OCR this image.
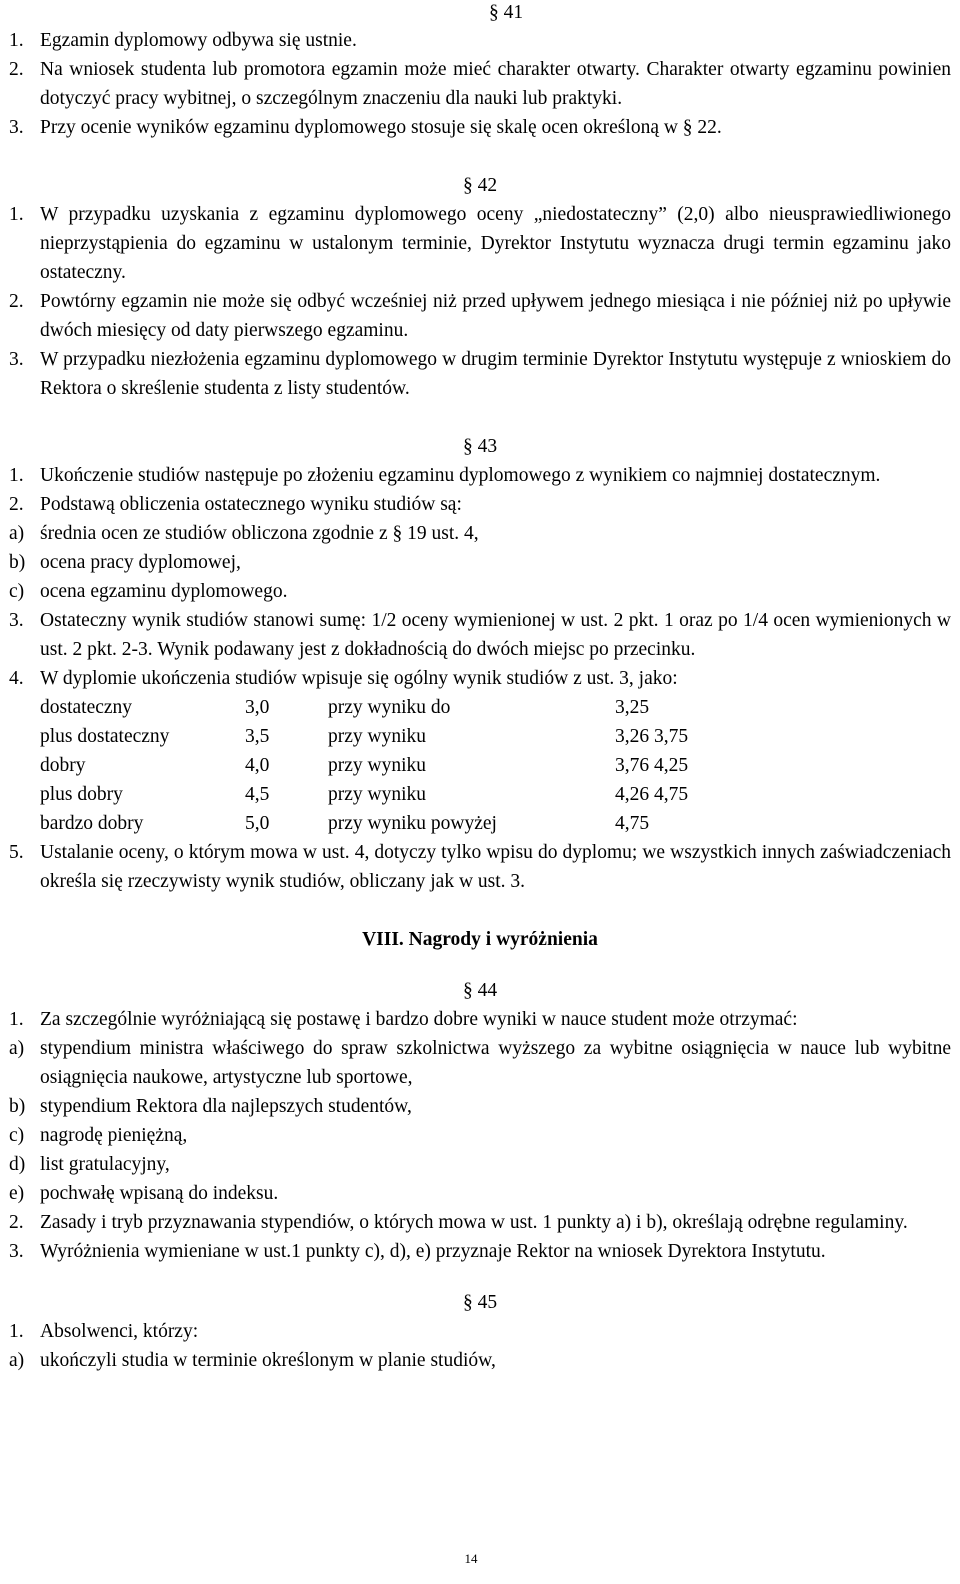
§ 41
1. Egzamin dyplomowy odbywa się ustnie.
2. Na wniosek studenta lub promotora egzamin może mieć charakter otwarty. Charakter otwarty egzaminu powinien dotyczyć pracy wybitnej, o szczególnym znaczeniu dla nauki lub praktyki.
3. Przy ocenie wyników egzaminu dyplomowego stosuje się skalę ocen określoną w § 22.
§ 42
1. W przypadku uzyskania z egzaminu dyplomowego oceny „niedostateczny” (2,0) albo nieusprawiedliwionego nieprzystąpienia do egzaminu w ustalonym terminie, Dyrektor Instytutu wyznacza drugi termin egzaminu jako ostateczny.
2. Powtórny egzamin nie może się odbyć wcześniej niż przed upływem jednego miesiąca i nie później niż po upływie dwóch miesięcy od daty pierwszego egzaminu.
3. W przypadku niezłożenia egzaminu dyplomowego w drugim terminie Dyrektor Instytutu występuje z wnioskiem do Rektora o skreślenie studenta z listy studentów.
§ 43
1. Ukończenie studiów następuje po złożeniu egzaminu dyplomowego z wynikiem co najmniej dostatecznym.
2. Podstawą obliczenia ostatecznego wyniku studiów są:
a) średnia ocen ze studiów obliczona zgodnie z § 19 ust. 4,
b) ocena pracy dyplomowej,
c) ocena egzaminu dyplomowego.
3. Ostateczny wynik studiów stanowi sumę: 1/2 oceny wymienionej w ust. 2 pkt. 1 oraz po 1/4 ocen wymienionych w ust. 2 pkt. 2-3. Wynik podawany jest z dokładnością do dwóch miejsc po przecinku.
4. W dyplomie ukończenia studiów wpisuje się ogólny wynik studiów z ust. 3, jako:
dostateczny	3,0	przy wyniku do	3,25
plus dostateczny	3,5	przy wyniku	3,26 3,75
dobry	4,0	przy wyniku	3,76 4,25
plus dobry	4,5	przy wyniku	4,26 4,75
bardzo dobry	5,0	przy wyniku powyżej	4,75
5. Ustalanie oceny, o którym mowa w ust. 4, dotyczy tylko wpisu do dyplomu; we wszystkich innych zaświadczeniach określa się rzeczywisty wynik studiów, obliczany jak w ust. 3.
VIII. Nagrody i wyróżnienia
§ 44
1. Za szczególnie wyróżniającą się postawę i bardzo dobre wyniki w nauce student może otrzymać:
a) stypendium ministra właściwego do spraw szkolnictwa wyższego za wybitne osiągnięcia w nauce lub wybitne osiągnięcia naukowe, artystyczne lub sportowe,
b) stypendium Rektora dla najlepszych studentów,
c) nagrodę pieniężną,
d) list gratulacyjny,
e) pochwałę wpisaną do indeksu.
2. Zasady i tryb przyznawania stypendiów, o których mowa w ust. 1 punkty a) i b), określają odrębne regulaminy.
3. Wyróżnienia wymieniane w ust.1 punkty c), d), e) przyznaje Rektor na wniosek Dyrektora Instytutu.
§ 45
1. Absolwenci, którzy:
a) ukończyli studia w terminie określonym w planie studiów,
14
